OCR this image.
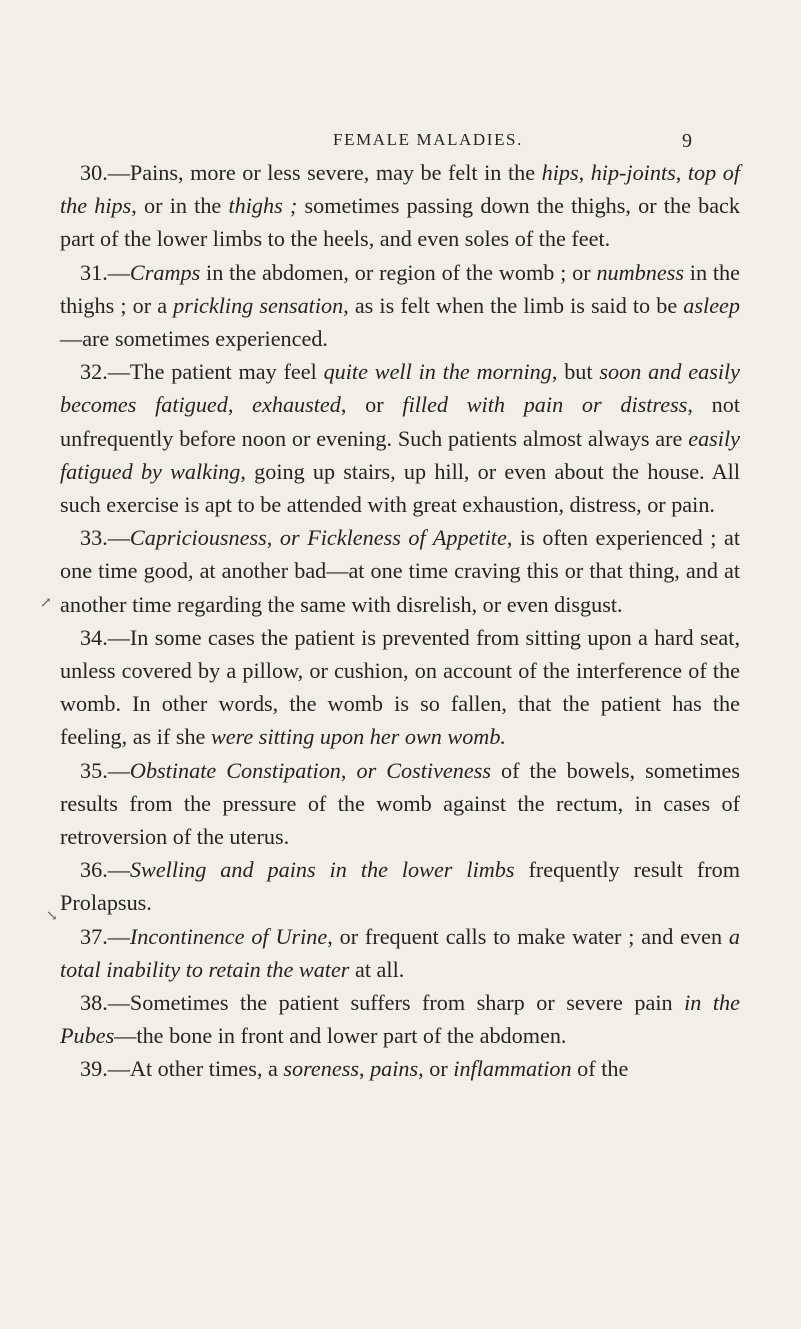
FEMALE MALADIES.	9

30.—Pains, more or less severe, may be felt in the hips, hip-joints, top of the hips, or in the thighs ; sometimes passing down the thighs, or the back part of the lower limbs to the heels, and even soles of the feet.

31.—Cramps in the abdomen, or region of the womb ; or numbness in the thighs ; or a prickling sensation, as is felt when the limb is said to be asleep—are sometimes experienced.

32.—The patient may feel quite well in the morning, but soon and easily becomes fatigued, exhausted, or filled with pain or distress, not unfrequently before noon or evening. Such patients almost always are easily fatigued by walking, going up stairs, up hill, or even about the house. All such exercise is apt to be attended with great exhaustion, distress, or pain.

33.—Capriciousness, or Fickleness of Appetite, is often experienced ; at one time good, at another bad—at one time craving this or that thing, and at another time regarding the same with disrelish, or even disgust.

34.—In some cases the patient is prevented from sitting upon a hard seat, unless covered by a pillow, or cushion, on account of the interference of the womb. In other words, the womb is so fallen, that the patient has the feeling, as if she were sitting upon her own womb.

35.—Obstinate Constipation, or Costiveness of the bowels, sometimes results from the pressure of the womb against the rectum, in cases of retroversion of the uterus.

36.—Swelling and pains in the lower limbs frequently result from Prolapsus.

37.—Incontinence of Urine, or frequent calls to make water ; and even a total inability to retain the water at all.

38.—Sometimes the patient suffers from sharp or severe pain in the Pubes—the bone in front and lower part of the abdomen.

39.—At other times, a soreness, pains, or inflammation of the

↗
↘
